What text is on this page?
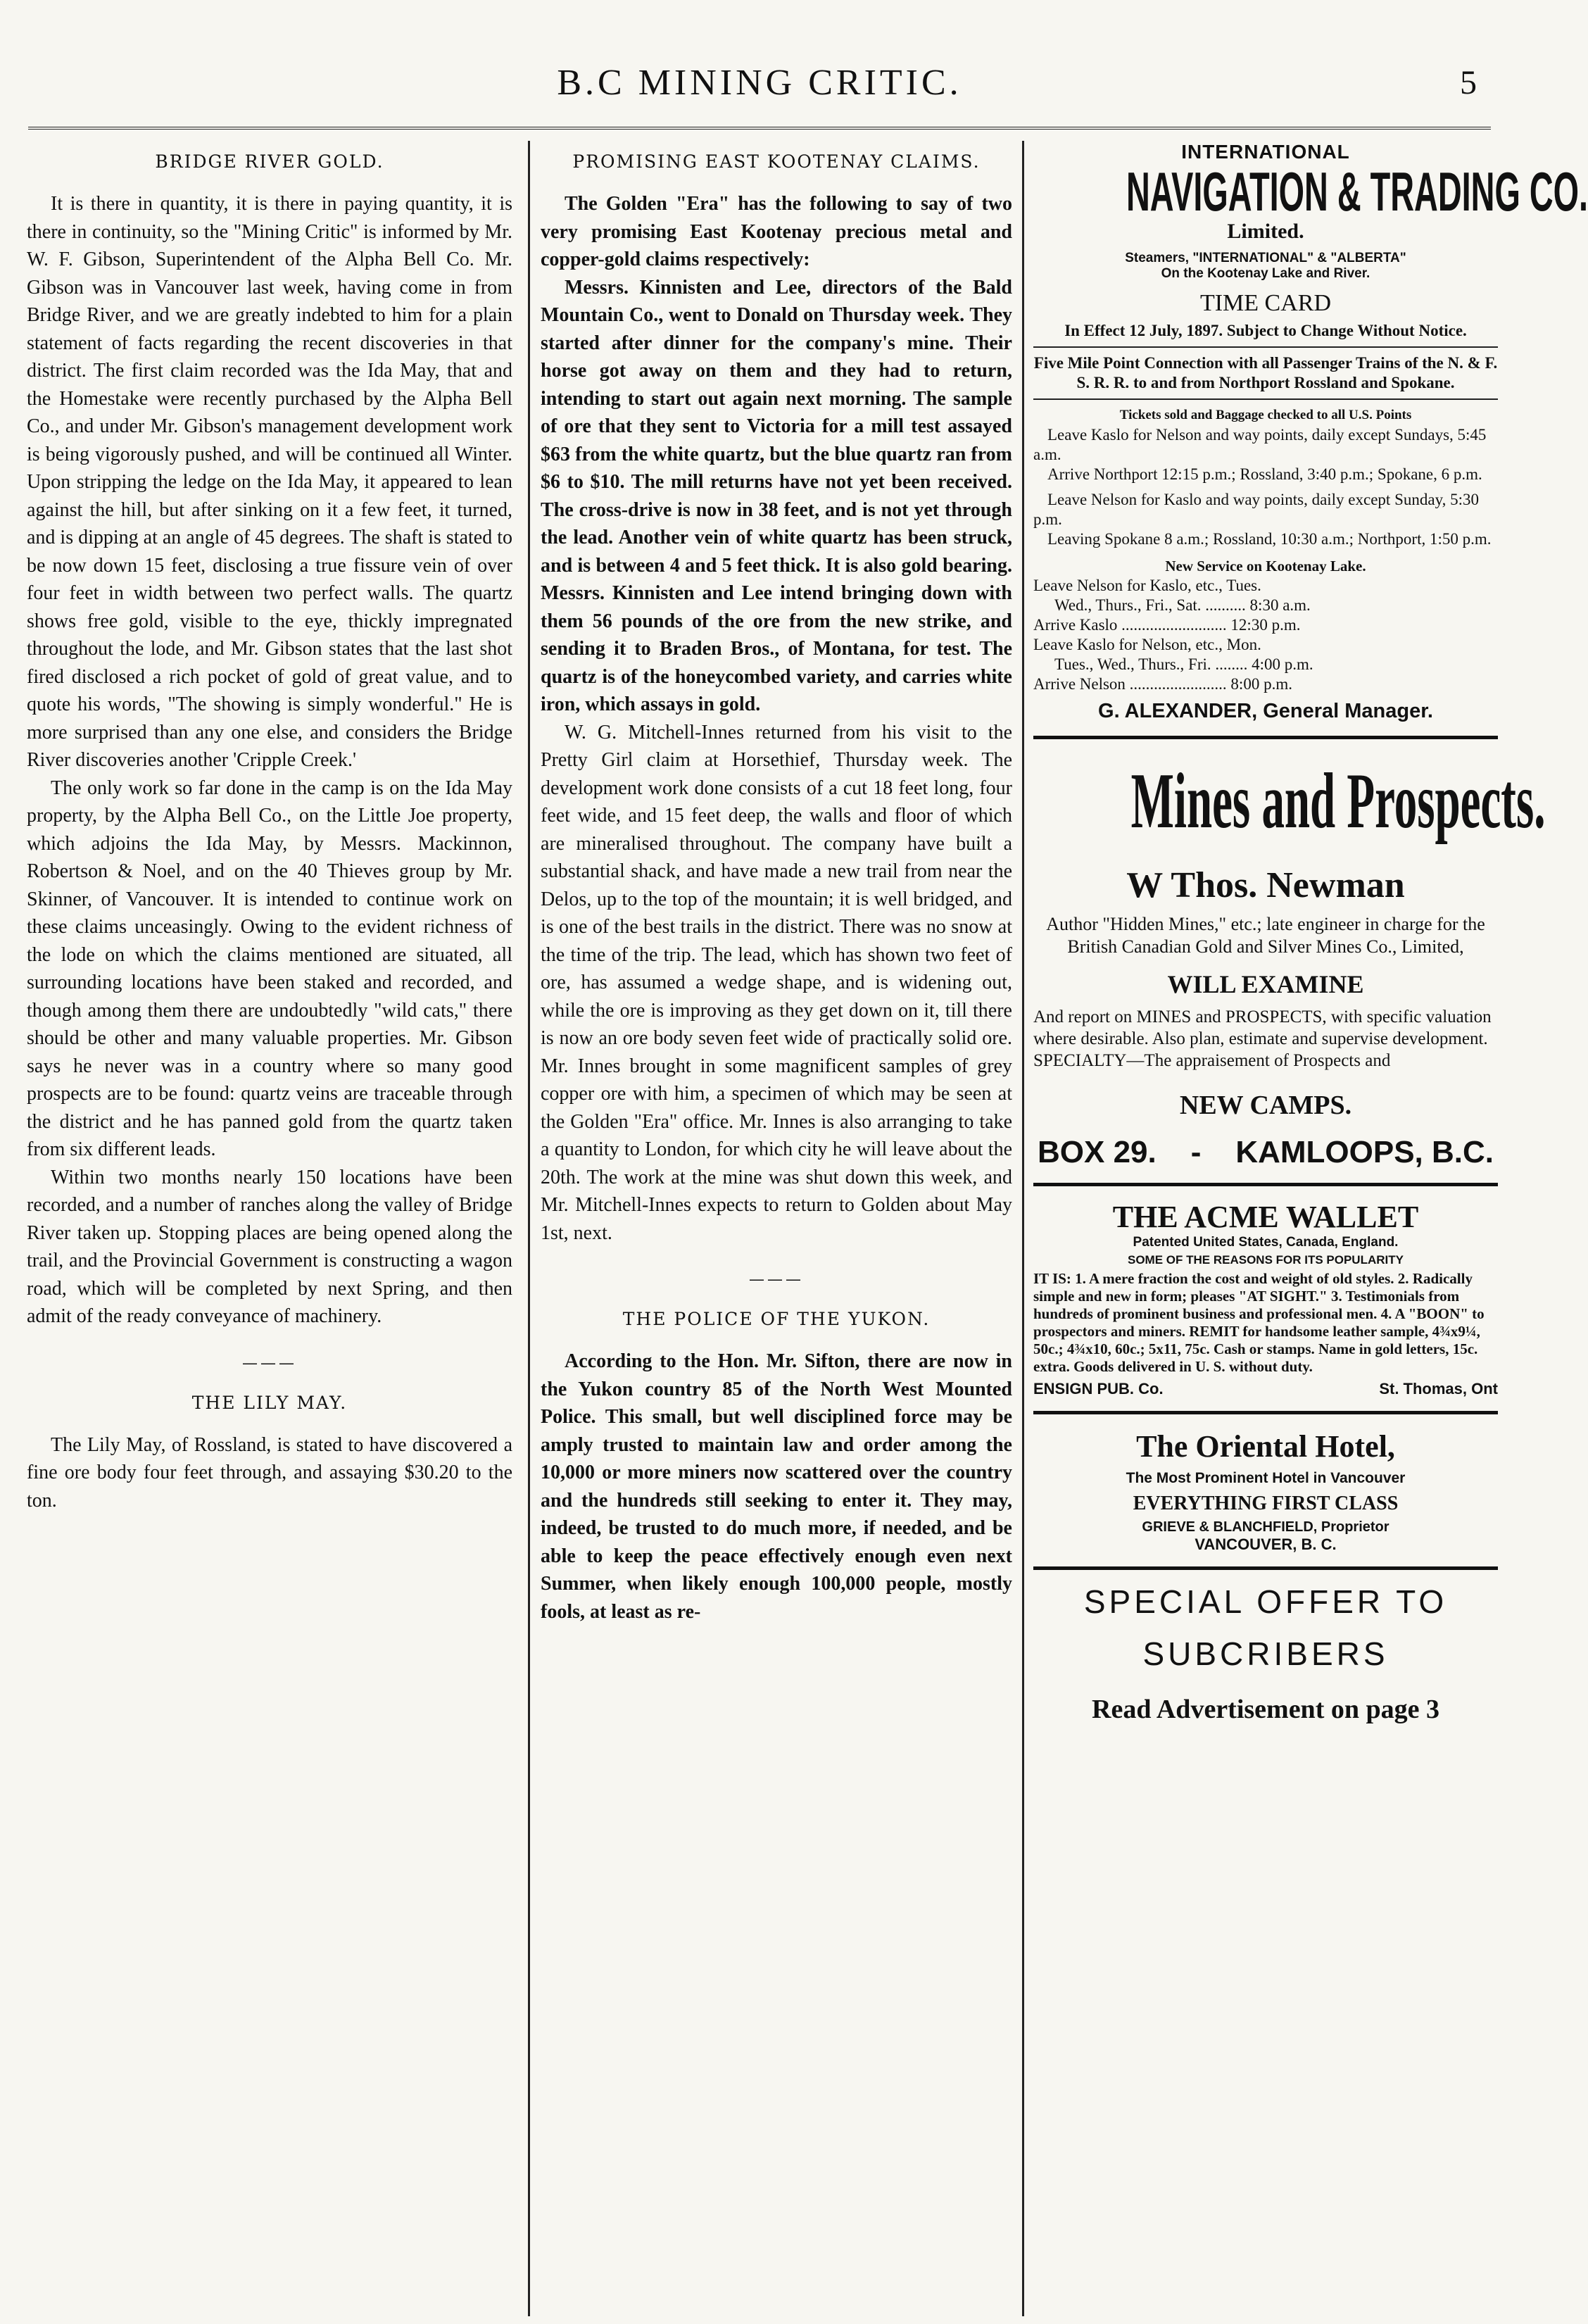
B.C MINING CRITIC.	5
BRIDGE RIVER GOLD.

It is there in quantity, it is there in paying quantity, it is there in continuity, so the "Mining Critic" is informed by Mr. W. F. Gibson, Superintendent of the Alpha Bell Co. Mr. Gibson was in Vancouver last week, having come in from Bridge River, and we are greatly indebted to him for a plain statement of facts regarding the recent discoveries in that district. The first claim recorded was the Ida May, that and the Homestake were recently purchased by the Alpha Bell Co., and under Mr. Gibson's management development work is being vigorously pushed, and will be continued all Winter. Upon stripping the ledge on the Ida May, it appeared to lean against the hill, but after sinking on it a few feet, it turned, and is dipping at an angle of 45 degrees. The shaft is stated to be now down 15 feet, disclosing a true fissure vein of over four feet in width between two perfect walls. The quartz shows free gold, visible to the eye, thickly impregnated throughout the lode, and Mr. Gibson states that the last shot fired disclosed a rich pocket of gold of great value, and to quote his words, "The showing is simply wonderful." He is more surprised than any one else, and considers the Bridge River discoveries another 'Cripple Creek.'

The only work so far done in the camp is on the Ida May property, by the Alpha Bell Co., on the Little Joe property, which adjoins the Ida May, by Messrs. Mackinnon, Robertson & Noel, and on the 40 Thieves group by Mr. Skinner, of Vancouver. It is intended to continue work on these claims unceasingly. Owing to the evident richness of the lode on which the claims mentioned are situated, all surrounding locations have been staked and recorded, and though among them there are undoubtedly "wild cats," there should be other and many valuable properties. Mr. Gibson says he never was in a country where so many good prospects are to be found: quartz veins are traceable through the district and he has panned gold from the quartz taken from six different leads.

Within two months nearly 150 locations have been recorded, and a number of ranches along the valley of Bridge River taken up. Stopping places are being opened along the trail, and the Provincial Government is constructing a wagon road, which will be completed by next Spring, and then admit of the ready conveyance of machinery.

———
THE LILY MAY.

The Lily May, of Rossland, is stated to have discovered a fine ore body four feet through, and assaying $30.20 to the ton.

PROMISING EAST KOOTENAY CLAIMS.

The Golden "Era" has the following to say of two very promising East Kootenay precious metal and copper-gold claims respectively:

Messrs. Kinnisten and Lee, directors of the Bald Mountain Co., went to Donald on Thursday week. They started after dinner for the company's mine. Their horse got away on them and they had to return, intending to start out again next morning. The sample of ore that they sent to Victoria for a mill test assayed $63 from the white quartz, but the blue quartz ran from $6 to $10. The mill returns have not yet been received. The cross-drive is now in 38 feet, and is not yet through the lead. Another vein of white quartz has been struck, and is between 4 and 5 feet thick. It is also gold bearing. Messrs. Kinnisten and Lee intend bringing down with them 56 pounds of the ore from the new strike, and sending it to Braden Bros., of Montana, for test. The quartz is of the honeycombed variety, and carries white iron, which assays in gold.

W. G. Mitchell-Innes returned from his visit to the Pretty Girl claim at Horsethief, Thursday week. The development work done consists of a cut 18 feet long, four feet wide, and 15 feet deep, the walls and floor of which are mineralised throughout. The company have built a substantial shack, and have made a new trail from near the Delos, up to the top of the mountain; it is well bridged, and is one of the best trails in the district. There was no snow at the time of the trip. The lead, which has shown two feet of ore, has assumed a wedge shape, and is widening out, while the ore is improving as they get down on it, till there is now an ore body seven feet wide of practically solid ore. Mr. Innes brought in some magnificent samples of grey copper ore with him, a specimen of which may be seen at the Golden "Era" office. Mr. Innes is also arranging to take a quantity to London, for which city he will leave about the 20th. The work at the mine was shut down this week, and Mr. Mitchell-Innes expects to return to Golden about May 1st, next.

———
THE POLICE OF THE YUKON.

According to the Hon. Mr. Sifton, there are now in the Yukon country 85 of the North West Mounted Police. This small, but well disciplined force may be amply trusted to maintain law and order among the 10,000 or more miners now scattered over the country and the hundreds still seeking to enter it. They may, indeed, be trusted to do much more, if needed, and be able to keep the peace effectively enough even next Summer, when likely enough 100,000 people, mostly fools, at least as re-

INTERNATIONAL

NAVIGATION & TRADING CO.

Limited.

Steamers, "INTERNATIONAL" & "ALBERTA"

On the Kootenay Lake and River.

TIME CARD

In Effect 12 July, 1897. Subject to Change Without Notice.

Five Mile Point Connection with all Passenger Trains of the N. & F. S. R. R. to and from Northport Rossland and Spokane.

Tickets sold and Baggage checked to all U.S. Points

Leave Kaslo for Nelson and way points, daily except Sundays, 5:45 a.m.

Arrive Northport 12:15 p.m.; Rossland, 3:40 p.m.; Spokane, 6 p.m.

Leave Nelson for Kaslo and way points, daily except Sunday, 5:30 p.m.

Leaving Spokane 8 a.m.; Rossland, 10:30 a.m.; Northport, 1:50 p.m.

New Service on Kootenay Lake.

Leave Nelson for Kaslo, etc., Tues.

Wed., Thurs., Fri., Sat. .......... 8:30 a.m.

Arrive Kaslo .......................... 12:30 p.m.

Leave Kaslo for Nelson, etc., Mon.

Tues., Wed., Thurs., Fri. ........ 4:00 p.m.

Arrive Nelson ........................ 8:00 p.m.

G. ALEXANDER, General Manager.

Mines and Prospects.

W Thos. Newman

Author "Hidden Mines," etc.; late engineer in charge for the British Canadian Gold and Silver Mines Co., Limited,

WILL EXAMINE

And report on MINES and PROSPECTS, with specific valuation where desirable. Also plan, estimate and supervise development. SPECIALTY—The appraisement of Prospects and

NEW CAMPS.

BOX 29. - KAMLOOPS, B.C.

THE ACME WALLET

Patented United States, Canada, England.

SOME OF THE REASONS FOR ITS POPULARITY

IT IS: 1. A mere fraction the cost and weight of old styles. 2. Radically simple and new in form; pleases "AT SIGHT." 3. Testimonials from hundreds of prominent business and professional men. 4. A "BOON" to prospectors and miners. REMIT for handsome leather sample, 4¾x9¼, 50c.; 4¾x10, 60c.; 5x11, 75c. Cash or stamps. Name in gold letters, 15c. extra. Goods delivered in U. S. without duty.

ENSIGN PUB. Co.	St. Thomas, Ont

The Oriental Hotel,

The Most Prominent Hotel in Vancouver

EVERYTHING FIRST CLASS

GRIEVE & BLANCHFIELD, Proprietor

VANCOUVER, B. C.

SPECIAL OFFER TO

SUBCRIBERS

Read Advertisement on page 3
